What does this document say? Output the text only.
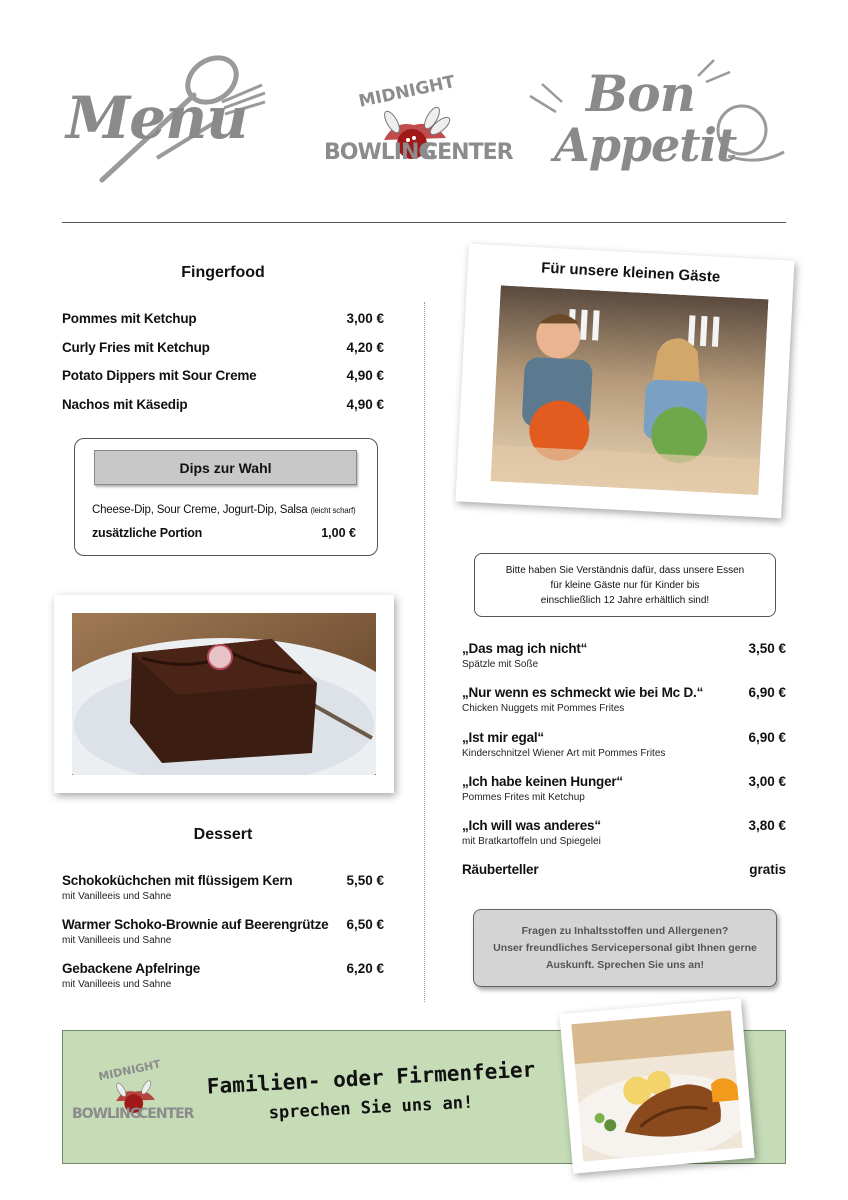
Menu	MIDNIGHT
BOWLING
CENTER
Bon
Appetit
Fingerfood
Pommes mit Ketchup	3,00 €
Curly Fries mit Ketchup	4,20 €
Potato Dippers mit Sour Creme	4,90 €
Nachos mit Käsedip	4,90 €
Dips zur Wahl
Cheese-Dip, Sour Creme, Jogurt-Dip, Salsa (leicht scharf)
zusätzliche Portion	1,00 €
Dessert
Schokoküchchen mit flüssigem Kern	5,50 €
mit Vanilleeis und Sahne
Warmer Schoko-Brownie auf Beerengrütze 6,50 €
mit Vanilleeis und Sahne
Gebackene Apfelringe	6,20 €
mit Vanilleeis und Sahne
Für unsere kleinen Gäste
Bitte haben Sie Verständnis dafür, dass unsere Essen
für kleine Gäste nur für Kinder bis
einschließlich 12 Jahre erhältlich sind!
„Das mag ich nicht“	3,50 €
Spätzle mit Soße
„Nur wenn es schmeckt wie bei Mc D.“	6,90 €
Chicken Nuggets mit Pommes Frites
„Ist mir egal“	6,90 €
Kinderschnitzel Wiener Art mit Pommes Frites
„Ich habe keinen Hunger“	3,00 €
Pommes Frites mit Ketchup
„Ich will was anderes“	3,80 €
mit Bratkartoffeln und Spiegelei
Räuberteller	gratis
Fragen zu Inhaltsstoffen und Allergenen?
Unser freundliches Servicepersonal gibt Ihnen gerne
Auskunft. Sprechen Sie uns an!
MIDNIGHT
BOWLING
CENTER
Familien- oder Firmenfeier
sprechen Sie uns an!
